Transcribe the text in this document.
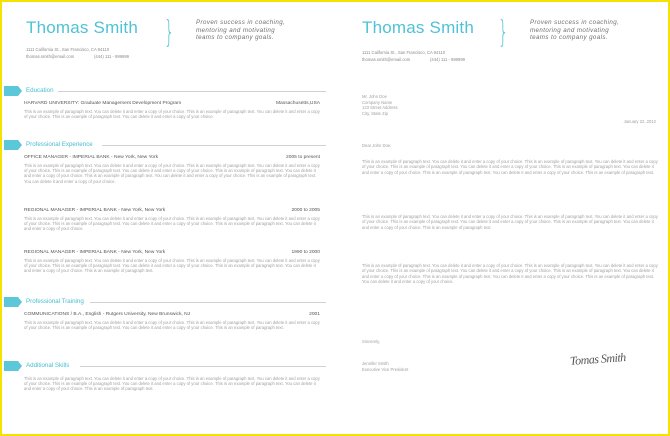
Thomas Smith
1111 California St., San Francisco, CA 94110
thomas.smith@email.com	(444) 111 - 999999
}	Proven success in coaching,
mentoring and motivating
teams to company goals.
Education
HARVARD UNIVERSITY: Graduate Management Development Program	Massachusetts,USA
This is an example of paragraph text. You can delete it and enter a copy of your choice. This is an example of paragraph text. You can delete it and enter a copy of your choice. This is an example of paragraph text. You can delete it and enter a copy of your choice.
Professional Experience
OFFICE MANAGER - IMPERIAL BANK - New York, New York	2005 to present
This is an example of paragraph text. You can delete it and enter a copy of your choice. This is an example of paragraph text. You can delete it and enter a copy of your choice. This is an example of paragraph text. You can delete it and enter a copy of your choice. This is an example of paragraph text. You can delete it and enter a copy of your choice. This is an example of paragraph text. You can delete it and enter a copy of your choice. This is an example of paragraph text. You can delete it and enter a copy of your choice.
REGIONAL MANAGER - IMPERIAL BANK - New York, New York	2000 to 2005
This is an example of paragraph text. You can delete it and enter a copy of your choice. This is an example of paragraph text. You can delete it and enter a copy of your choice. This is an example of paragraph text. You can delete it and enter a copy of your choice. This is an example of paragraph text. You can delete it and enter a copy of your choice.
REGIONAL MANAGER - IMPERIAL BANK - New York, New York	1990 to 2000
This is an example of paragraph text. You can delete it and enter a copy of your choice. This is an example of paragraph text. You can delete it and enter a copy of your choice. This is an example of paragraph text. You can delete it and enter a copy of your choice. This is an example of paragraph text. You can delete it and enter a copy of your choice. This is an example of paragraph text.
Professional Training
COMMUNICATIONS / B.A., English - Rutgers University, New Brunswick, NJ	2001
This is an example of paragraph text. You can delete it and enter a copy of your choice. This is an example of paragraph text. You can delete it and enter a copy of your choice. This is an example of paragraph text. You can delete it and enter a copy of your choice. This is an example of paragraph text.
Additional Skills
This is an example of paragraph text. You can delete it and enter a copy of your choice. This is an example of paragraph text. You can delete it and enter a copy of your choice. This is an example of paragraph text. You can delete it and enter a copy of your choice. This is an example of paragraph text. You can delete it and enter a copy of your choice. This is an example of paragraph text.
Thomas Smith
1111 California St., San Francisco, CA 94110
thomas.smith@email.com	(444) 111 - 999999
}	Proven success in coaching,
mentoring and motivating
teams to company goals.
Mr. John Doe
Company Name
123 Street Address
City, State Zip
January 22, 2012
Dear John Doe,
This is an example of paragraph text. You can delete it and enter a copy of your choice. This is an example of paragraph text. You can delete it and enter a copy of your choice. This is an example of paragraph text. You can delete it and enter a copy of your choice. This is an example of paragraph text. You can delete it and enter a copy of your choice. This is an example of paragraph text. You can delete it and enter a copy of your choice. This is an example of paragraph text.
This is an example of paragraph text. You can delete it and enter a copy of your choice. This is an example of paragraph text. You can delete it and enter a copy of your choice. This is an example of paragraph text. You can delete it and enter a copy of your choice. This is an example of paragraph text. You can delete it and enter a copy of your choice. This is an example of paragraph text.
This is an example of paragraph text. You can delete it and enter a copy of your choice. This is an example of paragraph text. You can delete it and enter a copy of your choice. This is an example of paragraph text. You can delete it and enter a copy of your choice. This is an example of paragraph text. You can delete it and enter a copy of your choice. This is an example of paragraph text. You can delete it and enter a copy of your choice. This is an example of paragraph text. You can delete it and enter a copy of your choice.
Sincerely,
Jennifer Smith
Executive Vice President
Tomas Smith
